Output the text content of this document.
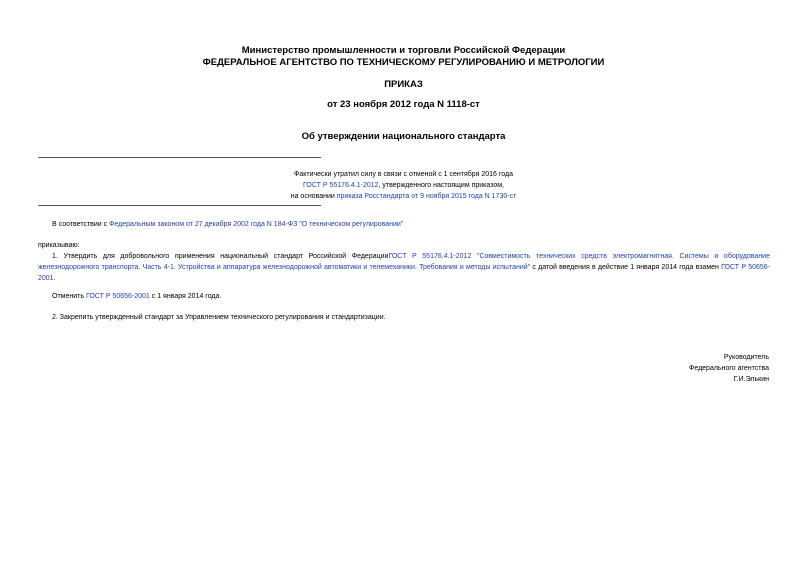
Министерство промышленности и торговли Российской Федерации
ФЕДЕРАЛЬНОЕ АГЕНТСТВО ПО ТЕХНИЧЕСКОМУ РЕГУЛИРОВАНИЮ И МЕТРОЛОГИИ
ПРИКАЗ
от 23 ноября 2012 года N 1118-ст
Об утверждении национального стандарта
Фактически утратил силу в связи с отменой с 1 сентября 2016 года
ГОСТ Р 55176.4.1-2012, утвержденного настоящим приказом,
на основании приказа Росстандарта от 9 ноября 2015 года N 1730-ст

В соответствии с Федеральным законом от 27 декабря 2002 года N 184-ФЗ "О техническом регулировании"

приказываю:

1. Утвердить для добровольного применения национальный стандарт Российской ФедерацииГОСТ Р 55176.4.1-2012 "Совместимость технических средств электромагнитная. Системы и оборудование железнодорожного транспорта. Часть 4-1. Устройства и аппаратура железнодорожной автоматики и телемеханики. Требования и методы испытаний" с датой введения в действие 1 января 2014 года взамен ГОСТ Р 50656-2001.

Отменить ГОСТ Р 50656-2001 с 1 января 2014 года.

2. Закрепить утвержденный стандарт за Управлением технического регулирования и стандартизации.

Руководитель
Федерального агентства
Г.И.Элькин
